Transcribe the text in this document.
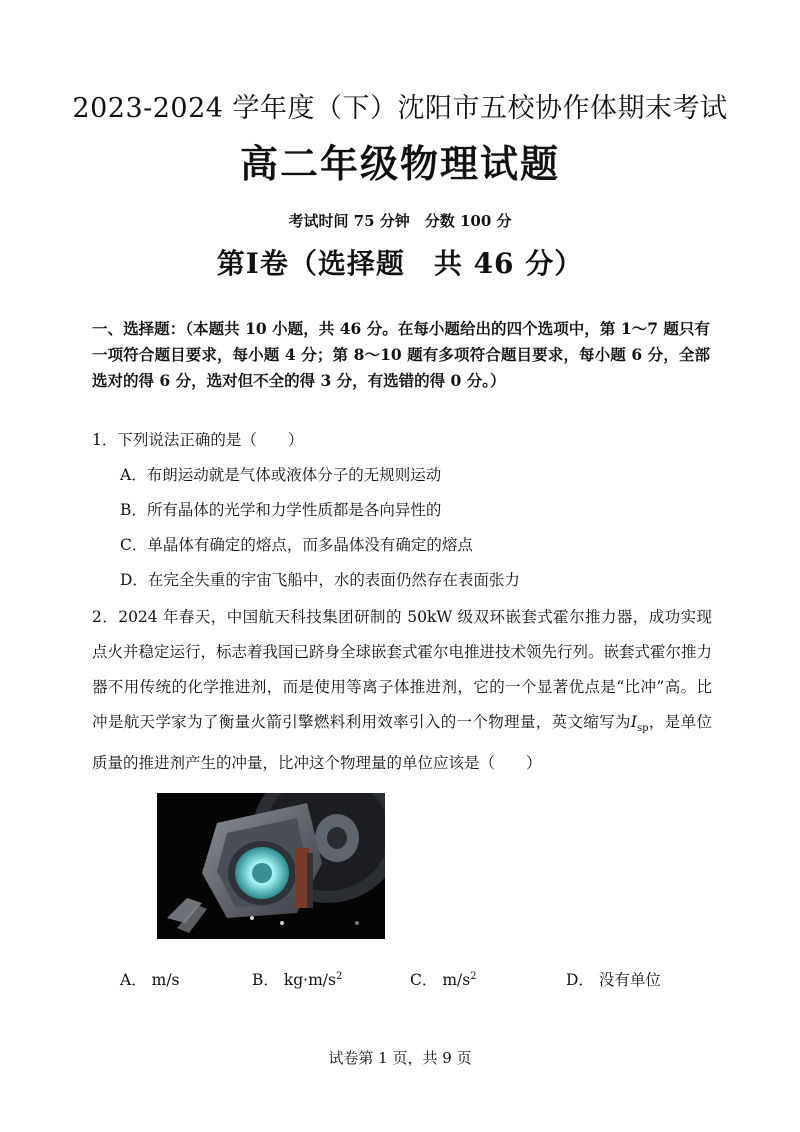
2023-2024 学年度（下）沈阳市五校协作体期末考试
高二年级物理试题
考试时间 75 分钟　分数 100 分
第Ⅰ卷（选择题　共 46 分）
一、选择题：（本题共 10 小题，共 46 分。在每小题给出的四个选项中，第 1～7 题只有一项符合题目要求，每小题 4 分；第 8～10 题有多项符合题目要求，每小题 6 分，全部选对的得 6 分，选对但不全的得 3 分，有选错的得 0 分。）
1．下列说法正确的是（　　）
A．布朗运动就是气体或液体分子的无规则运动
B．所有晶体的光学和力学性质都是各向异性的
C．单晶体有确定的熔点，而多晶体没有确定的熔点
D．在完全失重的宇宙飞船中，水的表面仍然存在表面张力
2．2024 年春天，中国航天科技集团研制的 50kW 级双环嵌套式霍尔推力器，成功实现点火并稳定运行，标志着我国已跻身全球嵌套式霍尔电推进技术领先行列。嵌套式霍尔推力器不用传统的化学推进剂，而是使用等离子体推进剂，它的一个显著优点是“比冲”高。比冲是航天学家为了衡量火箭引擎燃料利用效率引入的一个物理量，英文缩写为$I_{sp}$，是单位质量的推进剂产生的冲量，比冲这个物理量的单位应该是（　　）
A． m/s	B． $kg\cdot m/s^2$	C． $m/s^2$	D． 没有单位
试卷第 1 页，共 9 页
